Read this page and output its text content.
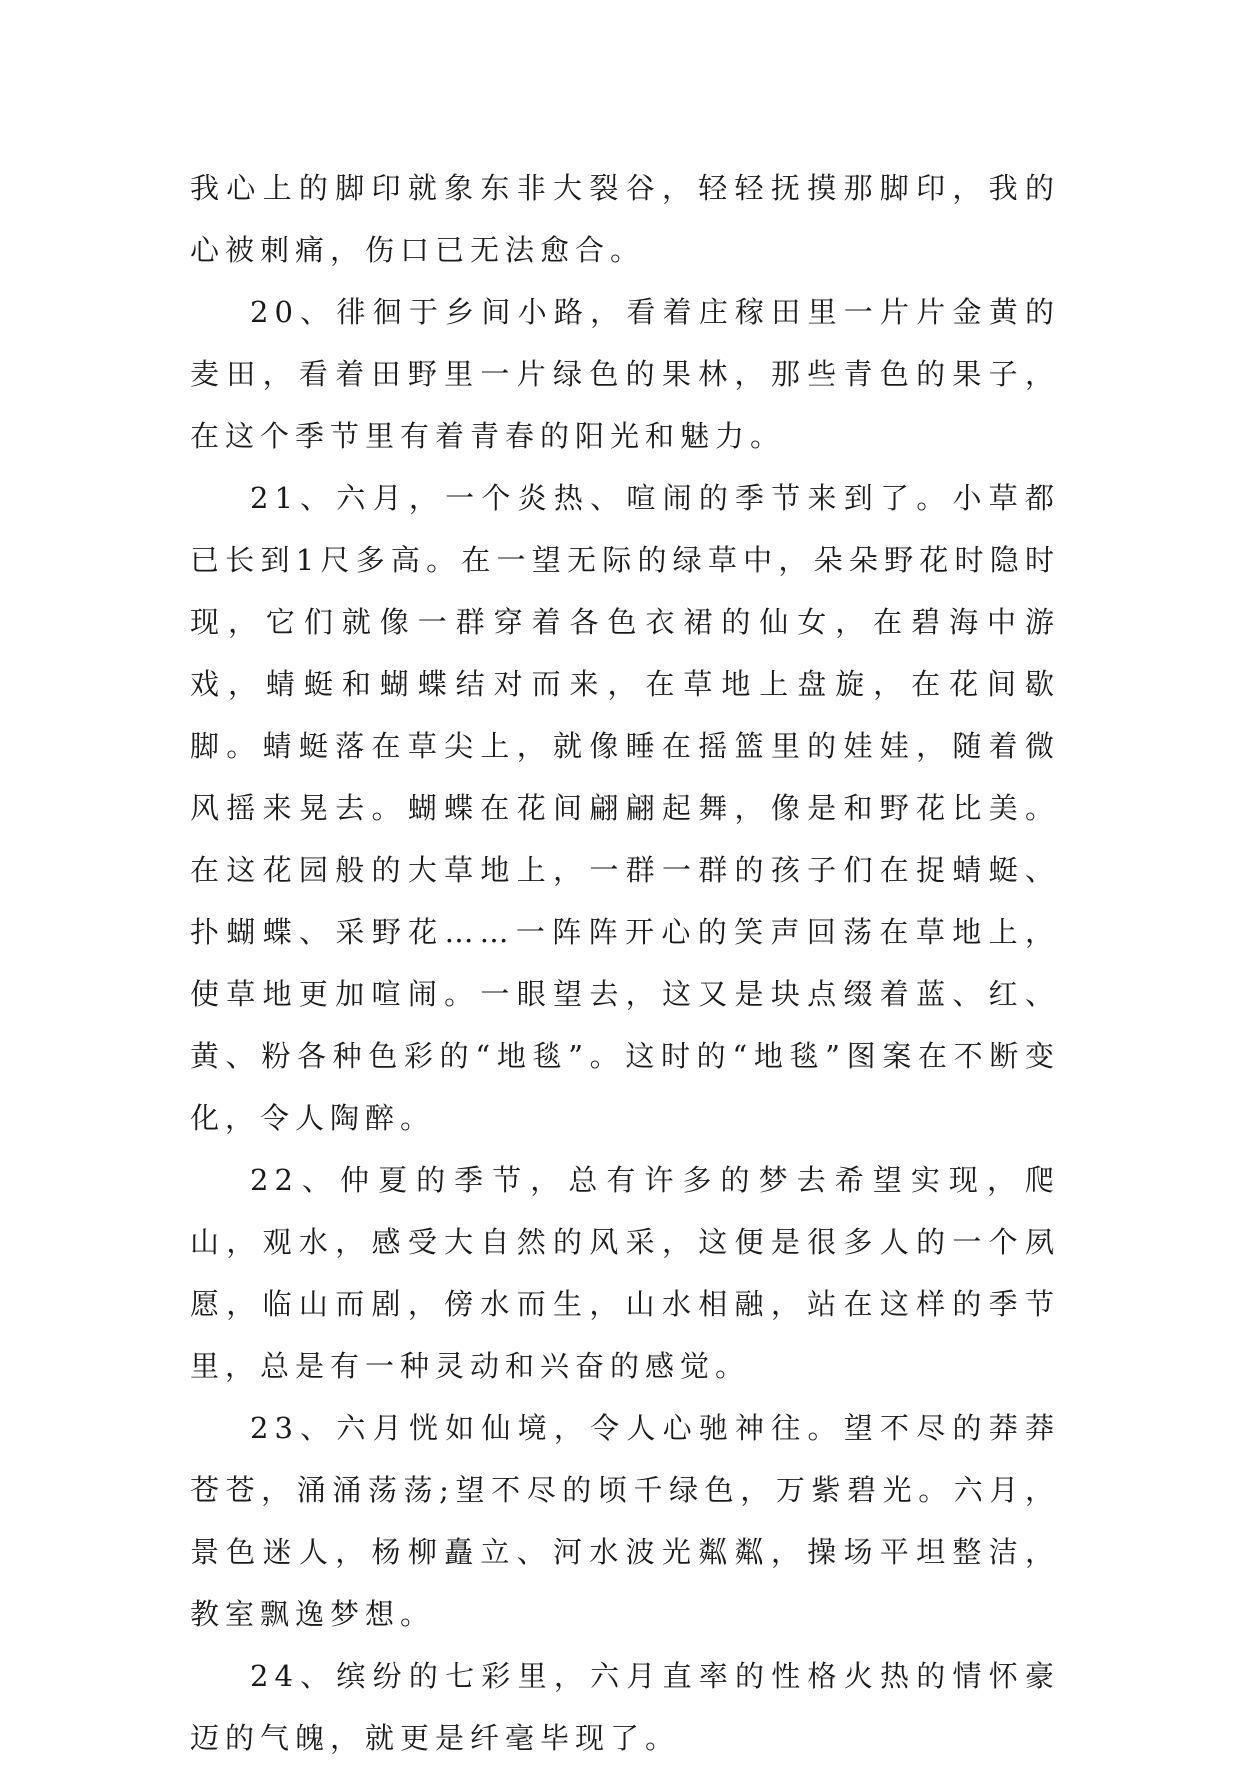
我心上的脚印就象东非大裂谷，轻轻抚摸那脚印，我的心被刺痛，伤口已无法愈合。

20、徘徊于乡间小路，看着庄稼田里一片片金黄的麦田，看着田野里一片绿色的果林，那些青色的果子，在这个季节里有着青春的阳光和魅力。

21、六月，一个炎热、喧闹的季节来到了。小草都已长到1尺多高。在一望无际的绿草中，朵朵野花时隐时现，它们就像一群穿着各色衣裙的仙女，在碧海中游戏，蜻蜓和蝴蝶结对而来，在草地上盘旋，在花间歇脚。蜻蜓落在草尖上，就像睡在摇篮里的娃娃，随着微风摇来晃去。蝴蝶在花间翩翩起舞，像是和野花比美。在这花园般的大草地上，一群一群的孩子们在捉蜻蜓、扑蝴蝶、采野花……一阵阵开心的笑声回荡在草地上，使草地更加喧闹。一眼望去，这又是块点缀着蓝、红、黄、粉各种色彩的“地毯”。这时的“地毯”图案在不断变化，令人陶醉。

22、仲夏的季节，总有许多的梦去希望实现，爬山，观水，感受大自然的风采，这便是很多人的一个夙愿，临山而剧，傍水而生，山水相融，站在这样的季节里，总是有一种灵动和兴奋的感觉。

23、六月恍如仙境，令人心驰神往。望不尽的莽莽苍苍，涌涌荡荡;望不尽的顷千绿色，万紫碧光。六月，景色迷人，杨柳矗立、河水波光粼粼，操场平坦整洁，教室飘逸梦想。

24、缤纷的七彩里，六月直率的性格火热的情怀豪迈的气魄，就更是纤毫毕现了。
